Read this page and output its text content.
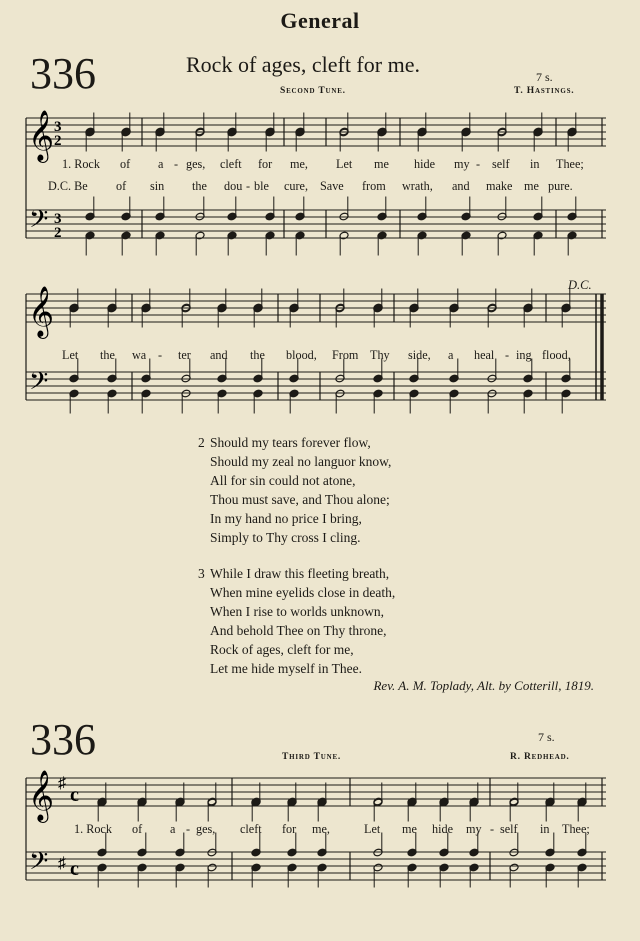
General
336	Rock of ages, cleft for me.	7 s.
Second Tune.	T. Hastings.
𝄞 3
2
𝄢 3
2
1. Rock of a - ges, cleft for me, Let me hide my - self in Thee;
D.C. Be of sin the dou - ble cure, Save from wrath, and make me pure.
𝄞
𝄢
D.C.
Let the wa - ter and the blood, From Thy side, a heal - ing flood,
2 Should my tears forever flow,
Should my zeal no languor know,
All for sin could not atone,
Thou must save, and Thou alone;
In my hand no price I bring,
Simply to Thy cross I cling.
3 While I draw this fleeting breath,
When mine eyelids close in death,
When I rise to worlds unknown,
And behold Thee on Thy throne,
Rock of ages, cleft for me,
Let me hide myself in Thee.
Rev. A. M. Toplady, Alt. by Cotterill, 1819.
336	7 s.
Third Tune.	R. Redhead.
𝄞 ♯
c
𝄢 ♯ c
1. Rock of a - ges, cleft for me,	Let me hide my - self in Thee;
